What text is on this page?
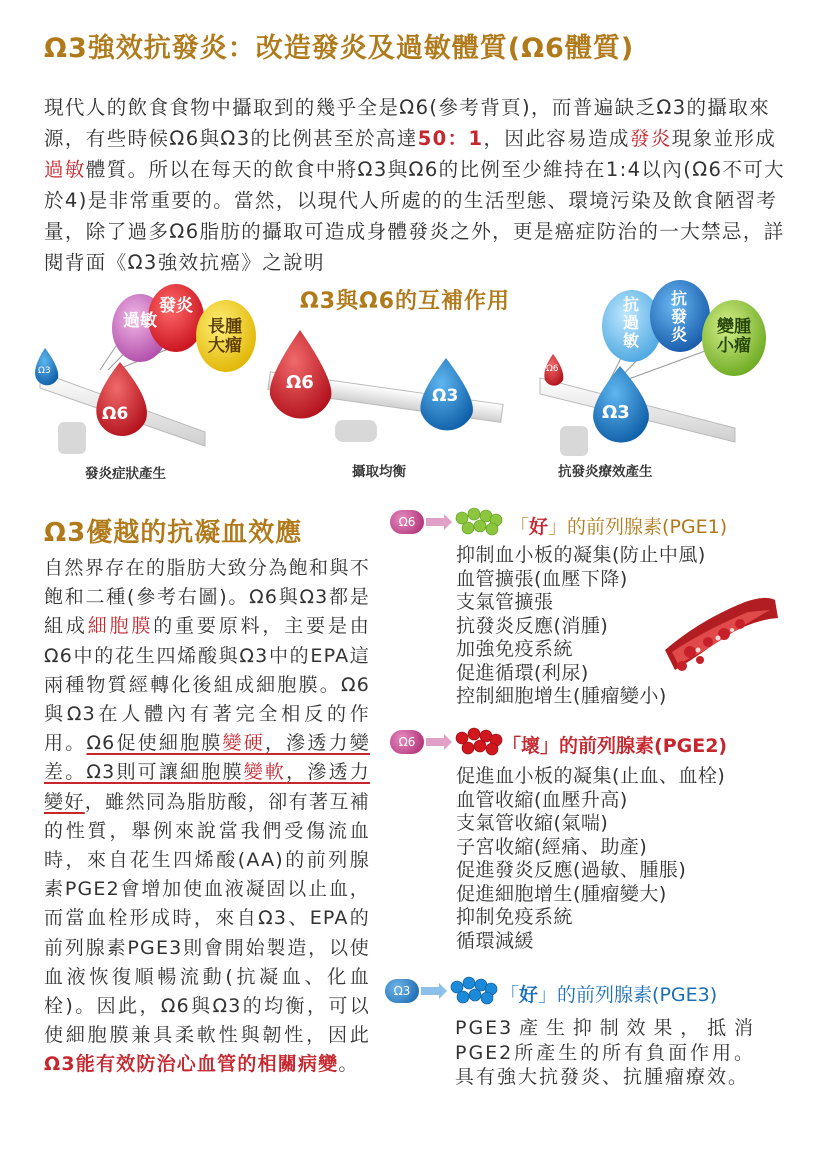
Ω3強效抗發炎：改造發炎及過敏體質(Ω6體質)
現代人的飲食食物中攝取到的幾乎全是Ω6(參考背頁)，而普遍缺乏Ω3的攝取來源，有些時候Ω6與Ω3的比例甚至於高達50：1，因此容易造成發炎現象並形成過敏體質。所以在每天的飲食中將Ω3與Ω6的比例至少維持在1:4以內(Ω6不可大於4)是非常重要的。當然，以現代人所處的的生活型態、環境污染及飲食陋習考量，除了過多Ω6脂肪的攝取可造成身體發炎之外，更是癌症防治的一大禁忌，詳閱背面《Ω3強效抗癌》之說明
Ω3與Ω6的互補作用
過敏
發炎
長腫大瘤
Ω6
Ω3
發炎症狀產生
Ω6
Ω3
攝取均衡
抗過敏
抗發炎	變腫小瘤
Ω3
Ω6
抗發炎療效產生
Ω3優越的抗凝血效應
自然界存在的脂肪大致分為飽和與不飽和二種(參考右圖)。Ω6與Ω3都是組成細胞膜的重要原料，主要是由Ω6中的花生四烯酸與Ω3中的EPA這兩種物質經轉化後組成細胞膜。Ω6與Ω3在人體內有著完全相反的作用。Ω6促使細胞膜變硬，滲透力變差。Ω3則可讓細胞膜變軟，滲透力變好，雖然同為脂肪酸，卻有著互補的性質，舉例來說當我們受傷流血時，來自花生四烯酸(AA)的前列腺素PGE2會增加使血液凝固以止血，而當血栓形成時，來自Ω3、EPA的前列腺素PGE3則會開始製造，以使血液恢復順暢流動(抗凝血、化血栓)。因此，Ω6與Ω3的均衡，可以使細胞膜兼具柔軟性與韌性，因此Ω3能有效防治心血管的相關病變。
Ω6	「好」的前列腺素(PGE1)
抑制血小板的凝集(防止中風)
血管擴張(血壓下降)
支氣管擴張
抗發炎反應(消腫)
加強免疫系統
促進循環(利尿)
控制細胞增生(腫瘤變小)
Ω6	「壞」的前列腺素(PGE2)
促進血小板的凝集(止血、血栓)
血管收縮(血壓升高)
支氣管收縮(氣喘)
子宮收縮(經痛、助產)
促進發炎反應(過敏、腫脹)
促進細胞增生(腫瘤變大)
抑制免疫系統
循環減緩
Ω3	「好」的前列腺素(PGE3)
PGE3產生抑制效果，抵消PGE2所產生的所有負面作用。具有強大抗發炎、抗腫瘤療效。
